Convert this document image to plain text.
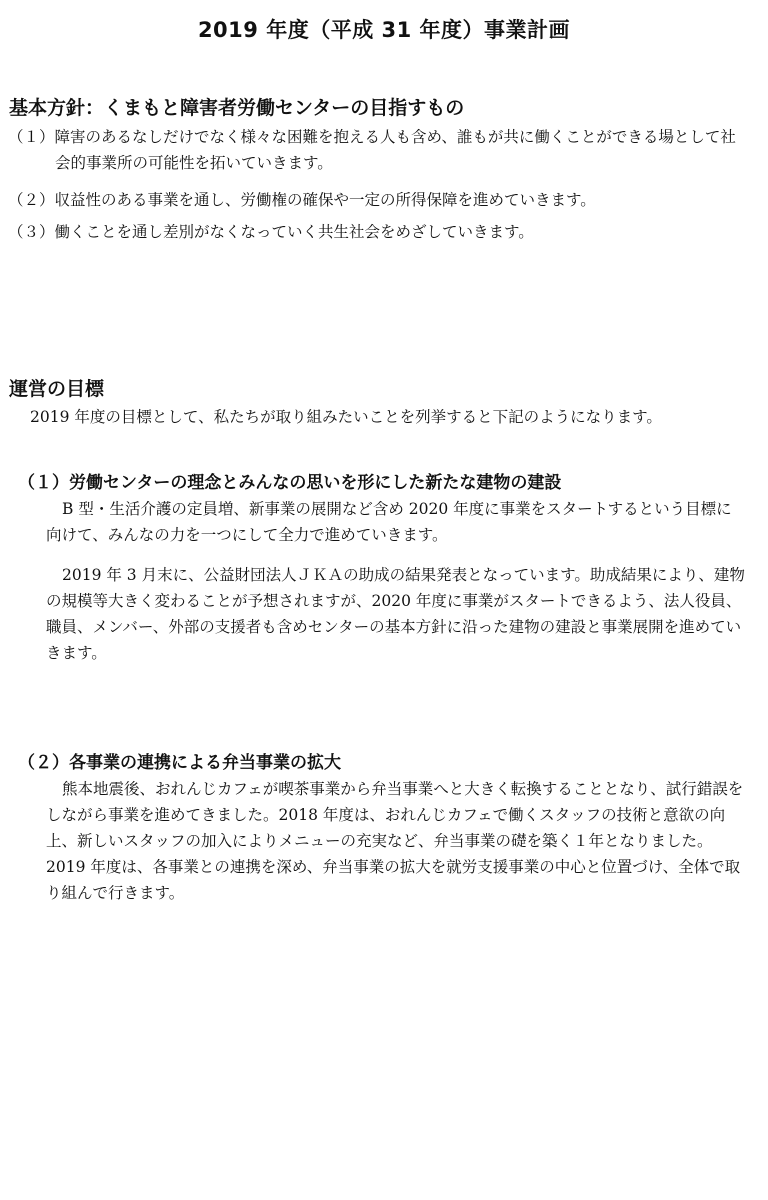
2019 年度（平成 31 年度）事業計画
基本方針：くまもと障害者労働センターの目指すもの

（１）障害のあるなしだけでなく様々な困難を抱える人も含め、誰もが共に働くことができる場として社会的事業所の可能性を拓いていきます。

（２）収益性のある事業を通し、労働権の確保や一定の所得保障を進めていきます。

（３）働くことを通し差別がなくなっていく共生社会をめざしていきます。

運営の目標

2019 年度の目標として、私たちが取り組みたいことを列挙すると下記のようになります。

（１）労働センターの理念とみんなの思いを形にした新たな建物の建設

B 型・生活介護の定員増、新事業の展開など含め 2020 年度に事業をスタートするという目標に向けて、みんなの力を一つにして全力で進めていきます。

2019 年 3 月末に、公益財団法人ＪＫＡの助成の結果発表となっています。助成結果により、建物の規模等大きく変わることが予想されますが、2020 年度に事業がスタートできるよう、法人役員、職員、メンバー、外部の支援者も含めセンターの基本方針に沿った建物の建設と事業展開を進めていきます。

（２）各事業の連携による弁当事業の拡大

熊本地震後、おれんじカフェが喫茶事業から弁当事業へと大きく転換することとなり、試行錯誤をしながら事業を進めてきました。2018 年度は、おれんじカフェで働くスタッフの技術と意欲の向上、新しいスタッフの加入によりメニューの充実など、弁当事業の礎を築く１年となりました。2019 年度は、各事業との連携を深め、弁当事業の拡大を就労支援事業の中心と位置づけ、全体で取り組んで行きます。
